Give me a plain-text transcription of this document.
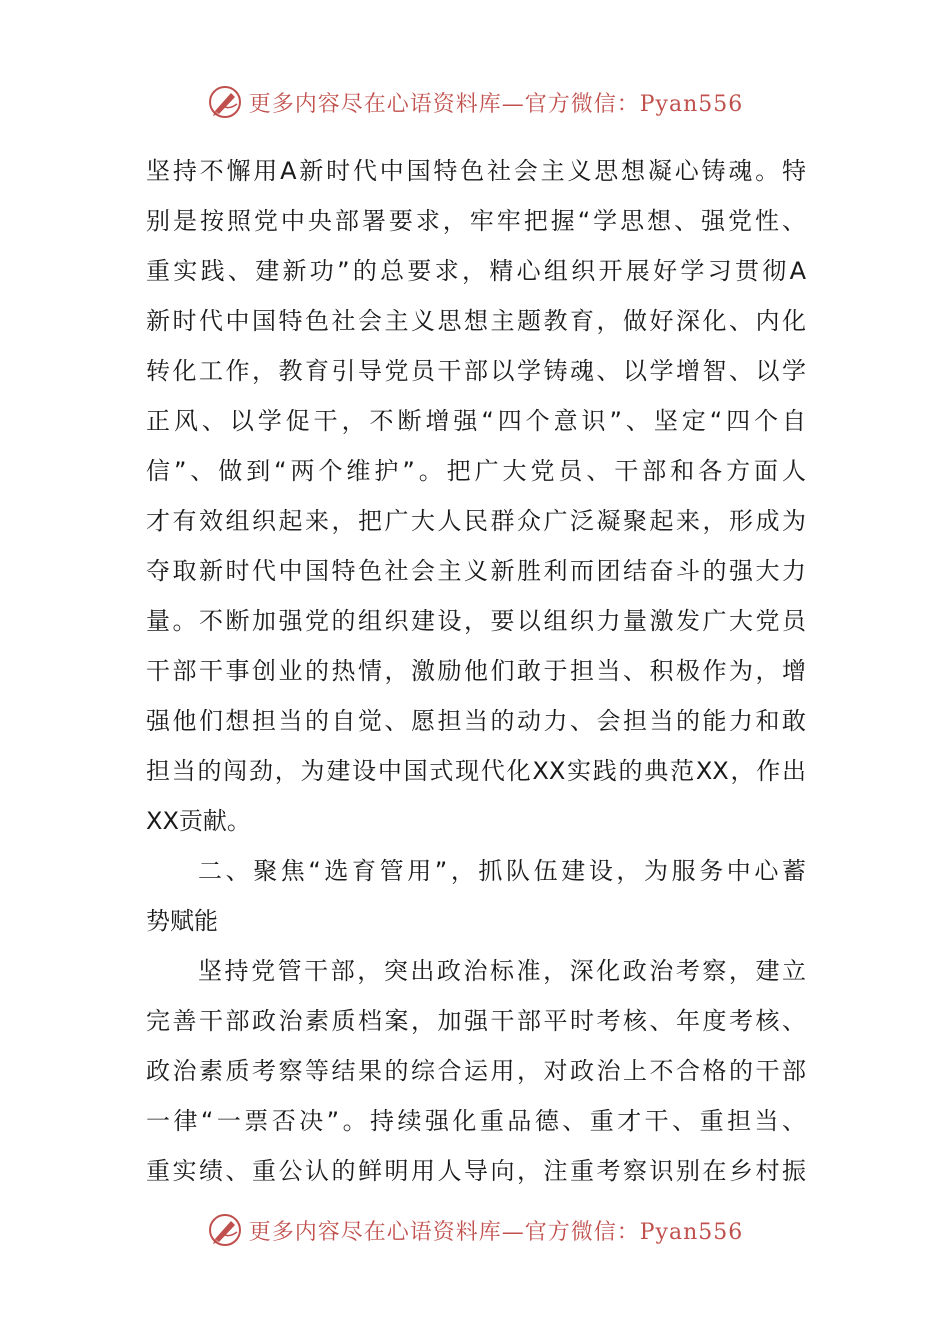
更多内容尽在心语资料库—官方微信：Pyan556
坚持不懈用A新时代中国特色社会主义思想凝心铸魂。特
别是按照党中央部署要求，牢牢把握“学思想、强党性、
重实践、建新功”的总要求，精心组织开展好学习贯彻A
新时代中国特色社会主义思想主题教育，做好深化、内化
转化工作，教育引导党员干部以学铸魂、以学增智、以学
正风、以学促干，不断增强“四个意识”、坚定“四个自
信”、做到“两个维护”。把广大党员、干部和各方面人
才有效组织起来，把广大人民群众广泛凝聚起来，形成为
夺取新时代中国特色社会主义新胜利而团结奋斗的强大力
量。不断加强党的组织建设，要以组织力量激发广大党员
干部干事创业的热情，激励他们敢于担当、积极作为，增
强他们想担当的自觉、愿担当的动力、会担当的能力和敢
担当的闯劲，为建设中国式现代化XX实践的典范XX，作出
XX贡献。
二、聚焦“选育管用”，抓队伍建设，为服务中心蓄
势赋能
坚持党管干部，突出政治标准，深化政治考察，建立
完善干部政治素质档案，加强干部平时考核、年度考核、
政治素质考察等结果的综合运用，对政治上不合格的干部
一律“一票否决”。持续强化重品德、重才干、重担当、
重实绩、重公认的鲜明用人导向，注重考察识别在乡村振
更多内容尽在心语资料库—官方微信：Pyan556
